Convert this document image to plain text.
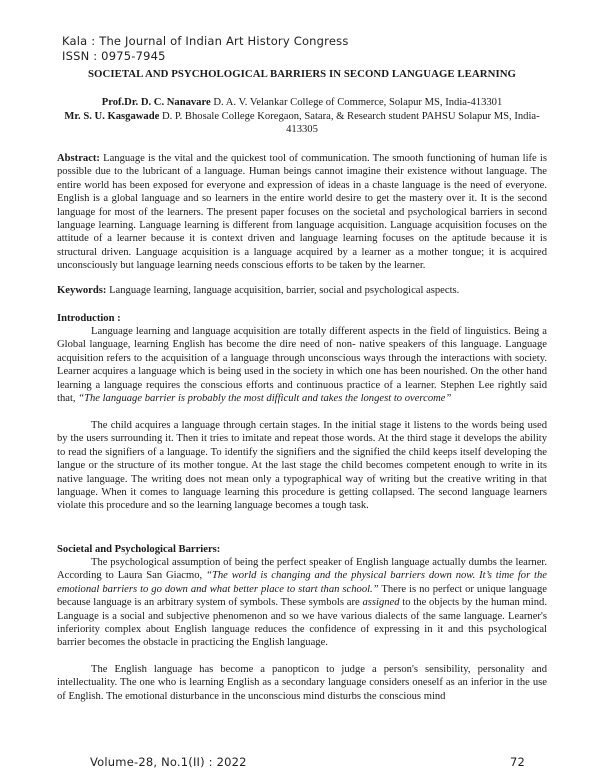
Kala : The Journal of Indian Art History Congress
ISSN : 0975-7945
SOCIETAL AND PSYCHOLOGICAL BARRIERS IN SECOND LANGUAGE LEARNING
Prof.Dr. D. C. Nanavare D. A. V. Velankar College of Commerce, Solapur MS, India-413301
Mr. S. U. Kasgawade D. P. Bhosale College Koregaon, Satara, & Research student PAHSU Solapur MS, India-413305
Abstract: Language is the vital and the quickest tool of communication. The smooth functioning of human life is possible due to the lubricant of a language. Human beings cannot imagine their existence without language. The entire world has been exposed for everyone and expression of ideas in a chaste language is the need of everyone. English is a global language and so learners in the entire world desire to get the mastery over it. It is the second language for most of the learners. The present paper focuses on the societal and psychological barriers in second language learning. Language learning is different from language acquisition. Language acquisition focuses on the attitude of a learner because it is context driven and language learning focuses on the aptitude because it is structural driven. Language acquisition is a language acquired by a learner as a mother tongue; it is acquired unconsciously but language learning needs conscious efforts to be taken by the learner.
Keywords: Language learning, language acquisition, barrier, social and psychological aspects.
Introduction :

Language learning and language acquisition are totally different aspects in the field of linguistics. Being a Global language, learning English has become the dire need of non- native speakers of this language. Language acquisition refers to the acquisition of a language through unconscious ways through the interactions with society. Learner acquires a language which is being used in the society in which one has been nourished. On the other hand learning a language requires the conscious efforts and continuous practice of a learner. Stephen Lee rightly said that, “The language barrier is probably the most difficult and takes the longest to overcome”

The child acquires a language through certain stages. In the initial stage it listens to the words being used by the users surrounding it. Then it tries to imitate and repeat those words. At the third stage it develops the ability to read the signifiers of a language. To identify the signifiers and the signified the child keeps itself developing the langue or the structure of its mother tongue. At the last stage the child becomes competent enough to write in its native language. The writing does not mean only a typographical way of writing but the creative writing in that language. When it comes to language learning this procedure is getting collapsed. The second language learners violate this procedure and so the learning language becomes a tough task.

Societal and Psychological Barriers:

The psychological assumption of being the perfect speaker of English language actually dumbs the learner. According to Laura San Giacmo, “The world is changing and the physical barriers down now. It’s time for the emotional barriers to go down and what better place to start than school.” There is no perfect or unique language because language is an arbitrary system of symbols. These symbols are assigned to the objects by the human mind. Language is a social and subjective phenomenon and so we have various dialects of the same language. Learner's inferiority complex about English language reduces the confidence of expressing in it and this psychological barrier becomes the obstacle in practicing the English language.

The English language has become a panopticon to judge a person's sensibility, personality and intellectuality. The one who is learning English as a secondary language considers oneself as an inferior in the use of English. The emotional disturbance in the unconscious mind disturbs the conscious mind

Volume-28, No.1(II) : 2022	72
